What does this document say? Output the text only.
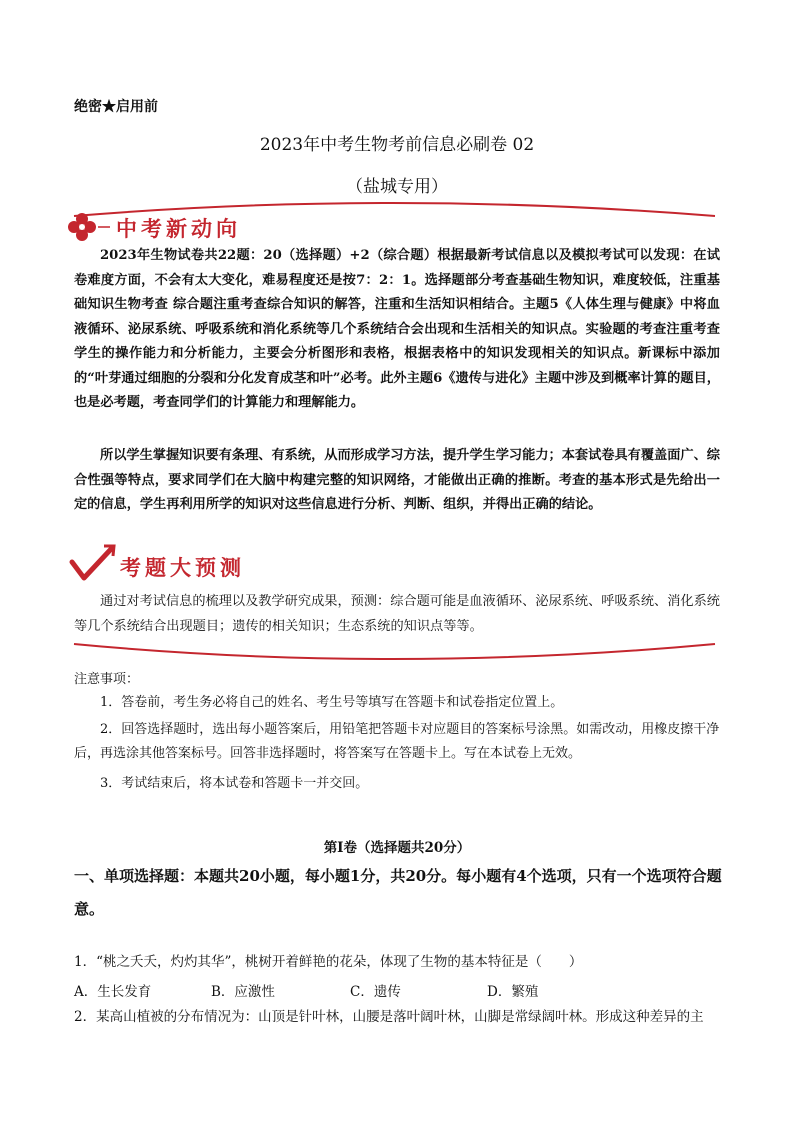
绝密★启用前
2023年中考生物考前信息必刷卷 02
（盐城专用）
中考新动向
2023年生物试卷共22题：20（选择题）+2（综合题）根据最新考试信息以及模拟考试可以发现：在试卷难度方面，不会有太大变化，难易程度还是按7：2：1。选择题部分考查基础生物知识，难度较低，注重基础知识生物考查 综合题注重考查综合知识的解答，注重和生活知识相结合。主题5《人体生理与健康》中将血液循环、泌尿系统、呼吸系统和消化系统等几个系统结合会出现和生活相关的知识点。实验题的考查注重考查学生的操作能力和分析能力，主要会分析图形和表格，根据表格中的知识发现相关的知识点。新课标中添加的“叶芽通过细胞的分裂和分化发育成茎和叶”必考。此外主题6《遗传与进化》主题中涉及到概率计算的题目，也是必考题，考查同学们的计算能力和理解能力。
所以学生掌握知识要有条理、有系统，从而形成学习方法，提升学生学习能力；本套试卷具有覆盖面广、综合性强等特点，要求同学们在大脑中构建完整的知识网络，才能做出正确的推断。考查的基本形式是先给出一定的信息，学生再利用所学的知识对这些信息进行分析、判断、组织，并得出正确的结论。
考题大预测
通过对考试信息的梳理以及教学研究成果，预测：综合题可能是血液循环、泌尿系统、呼吸系统、消化系统等几个系统结合出现题目；遗传的相关知识；生态系统的知识点等等。
注意事项：
1．答卷前，考生务必将自己的姓名、考生号等填写在答题卡和试卷指定位置上。
2．回答选择题时，选出每小题答案后，用铅笔把答题卡对应题目的答案标号涂黑。如需改动，用橡皮擦干净后，再选涂其他答案标号。回答非选择题时，将答案写在答题卡上。写在本试卷上无效。
3．考试结束后，将本试卷和答题卡一并交回。
第Ⅰ卷（选择题共20分）
一、单项选择题：本题共20小题，每小题1分，共20分。每小题有4个选项，只有一个选项符合题意。
1．“桃之夭夭，灼灼其华”，桃树开着鲜艳的花朵，体现了生物的基本特征是（　　）
A．生长发育	B．应激性	C．遗传	D．繁殖
2．某高山植被的分布情况为：山顶是针叶林，山腰是落叶阔叶林，山脚是常绿阔叶林。形成这种差异的主
